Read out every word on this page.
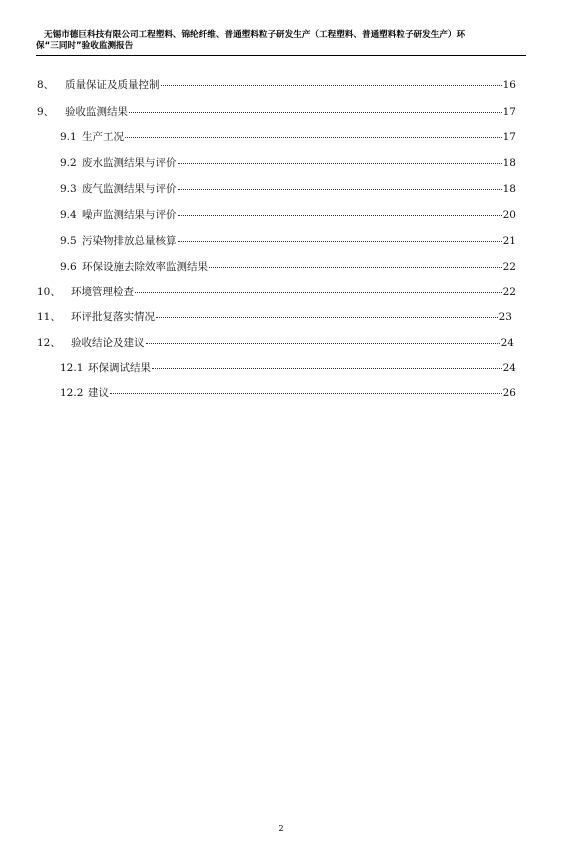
无锡市德巨科技有限公司工程塑料、锦纶纤维、普通塑料粒子研发生产（工程塑料、普通塑料粒子研发生产）环
保“三同时”验收监测报告
8、	质量保证及质量控制	16
9、	验收监测结果	17
9.1 生产工况	17
9.2 废水监测结果与评价	18
9.3 废气监测结果与评价	18
9.4 噪声监测结果与评价	20
9.5 污染物排放总量核算	21
9.6 环保设施去除效率监测结果	22
10、 环境管理检查	22
11、 环评批复落实情况	23
12、 验收结论及建议	24
12.1 环保调试结果	24
12.2 建议	26
2
